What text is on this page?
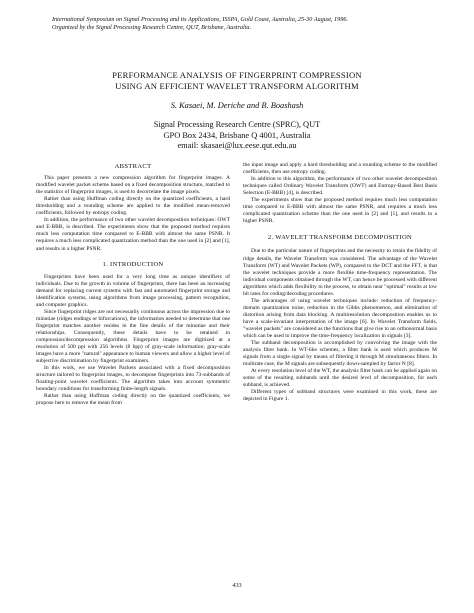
International Symposium on Signal Processing and its Applications, ISSPA, Gold Coast, Australia, 25-30 August, 1996.
Organized by the Signal Processing Research Centre, QUT, Brisbane, Australia.
PERFORMANCE ANALYSIS OF FINGERPRINT COMPRESSION
USING AN EFFICIENT WAVELET TRANSFORM ALGORITHM
S. Kasaei, M. Deriche and B. Boashash
Signal Processing Research Centre (SPRC), QUT
GPO Box 2434, Brisbane Q 4001, Australia
email: skasaei@lux.eese.qut.edu.au
ABSTRACT

This paper presents a new compression algorithm for fingerprint images. A modified wavelet packet scheme based on a fixed decomposition structure, matched to the statistics of fingerprint images, is used to decorrelate the image pixels.

Rather than using Huffman coding directly on the quantized coefficients, a hard thresholding and a rounding scheme are applied to the modified mean-removed coefficients, followed by entropy coding.

In addition, the performance of two other wavelet decomposition techniques: OWT and E-BBB, is described. The experiments show that the proposed method requires much less computation time compared to E-BBB with almost the same PSNR. It requires a much less complicated quantization method than the one used in [2] and [1], and results in a higher PSNR.

1. INTRODUCTION

Fingerprints have been used for a very long time as unique identifiers of individuals. Due to the growth in volume of fingerprints, there has been an increasing demand for replacing current systems with fast and automated fingerprint storage and identification systems, using algorithms from image processing, pattern recognition, and computer graphics.

Since fingerprint ridges are not necessarily continuous across the impression due to minutiae (ridges endings or bifurcations), the information needed to determine that one fingerprint matches another resides in the fine details of the minutiae and their relationships. Consequently, these details have to be retained in compression/decompression algorithms. Fingerprint images are digitized at a resolution of 500 ppi with 256 levels (8 bpp) of gray-scale information; gray-scale images have a more "natural" appearance to human viewers and allow a higher level of subjective discrimination by fingerprint examiners.

In this work, we use Wavelet Packets associated with a fixed decomposition structure tailored to fingerprint images, to decompose fingerprints into 73-subbands of floating-point wavelet coefficients. The algorithm takes into account symmetric boundary conditions for transforming finite-length signals.

Rather than using Huffman coding directly on the quantized coefficients, we propose here to remove the mean from

the input image and apply a hard thresholding and a rounding scheme to the modified coefficients, then use entropy coding.

In addition to this algorithm, the performance of two other wavelet decomposition techniques called Ordinary Wavelet Transform (OWT) and Entropy-Based Best Basis Selection (E-BBB) [4], is described.

The experiments show that the proposed method requires much less computation time compared to E-BBB with almost the same PSNR, and requires a much less complicated quantization scheme than the one used in [2] and [1], and results in a higher PSNR.

2. WAVELET TRANSFORM DECOMPOSITION

Due to the particular nature of fingerprints and the necessity to retain the fidelity of ridge details, the Wavelet Transform was considered. The advantage of the Wavelet Transform (WT) and Wavelet Packets (WP), compared to the DCT and the FFT, is that the wavelet techniques provide a more flexible time-frequency representation. The individual components obtained through the WT, can hence be processed with different algorithms which adds flexibility to the process, to obtain near "optimal" results at low bit rates for coding/decoding procedures.

The advantages of using wavelet techniques include: reduction of frequency-domain quantization noise, reduction in the Gibbs phenomenon, and elimination of distortion arising from data blocking. A multiresolution decomposition enables us to have a scale-invariant interpretation of the image [6]. In Wavelet Transform fields, "wavelet packets" are considered as the functions that give rise to an orthonormal basis which can be used to improve the time-frequency localization in signals [3].

The subband decomposition is accomplished by convolving the image with the analysis filter bank. In WT-like schemes, a filter bank is used which produces M signals from a single signal by means of filtering it through M simultaneous filters. In multirate case, the M signals are subsequently down-sampled by factor N [8].

At every resolution level of the WT, the analysis filter bank can be applied again on some of the resulting subbands until the desired level of decomposition, for each subband, is achieved.

Different types of subband structures were examined in this work, these are depicted in Figure 1.

433
